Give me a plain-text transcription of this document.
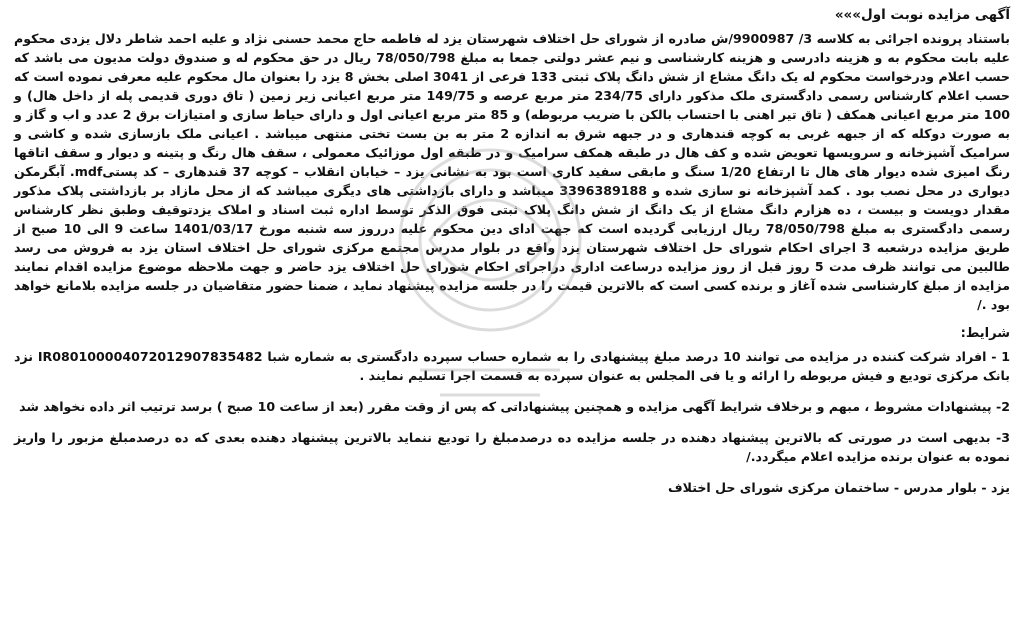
آگهی مزایده نوبت اول»»»

باستناد پرونده اجرائی به کلاسه 3/ 9900987/ش صادره از شورای حل اختلاف شهرستان یزد له فاطمه حاج محمد حسنی نژاد و علیه احمد شاطر دلال یزدی محکوم علیه بابت محکوم به و هزینه دادرسی و هزینه کارشناسی و نیم عشر دولتی جمعا به مبلغ 78/050/798 ریال در حق محکوم له و صندوق دولت مدیون می باشد که حسب اعلام ودرخواست محکوم له یک دانگ مشاع از شش دانگ پلاک ثبتی 133 فرعی از 3041 اصلی بخش 8 یزد را بعنوان مال محکوم علیه معرفی نموده است که حسب اعلام کارشناس رسمی دادگستری ملک مذکور دارای 234/75 متر مربع عرصه و 149/75 متر مربع اعیانی زیر زمین ( تاق دوری قدیمی پله از داخل هال) و 100 متر مربع اعیانی همکف ( تاق تیر اهنی با احتساب بالکن با ضریب مربوطه) و 85 متر مربع اعیانی اول و دارای حیاط سازی و امتیازات برق 2 عدد و اب و گاز و به صورت دوکله که از جبهه غربی به کوچه قندهاری و در جبهه شرق به اندازه 2 متر به بن بست تختی منتهی میباشد . اعیانی ملک بازسازی شده و کاشی و سرامیک آشپزخانه و سرویسها تعویض شده و کف هال در طبقه همکف سرامیک و در طبقه اول موزائیک معمولی ، سقف هال رنگ و پتینه و دیوار و سقف اتاقها رنگ امیزی شده دیوار های هال تا ارتفاع 1/20 سنگ و مابقی سفید کاری است بود به نشانی یزد – خیابان انقلاب – کوچه 37 قندهاری – کد پستیmdf. آبگرمکن دیواری در محل نصب بود . کمد آشپزخانه نو سازی شده و 3396389188 میباشد و دارای بازداشتی های دیگری میباشد که از محل مازاد بر بازداشتی پلاک مذکور مقدار دویست و بیست ، ده هزارم دانگ مشاع از یک دانگ از شش دانگ پلاک ثبتی فوق الذکر توسط اداره ثبت اسناد و املاک یزدتوقیف وطبق نظر کارشناس رسمی دادگستری به مبلغ 78/050/798 ریال ارزیابی گردیده است که جهت ادای دین محکوم علیه درروز سه شنبه مورخ 1401/03/17 ساعت 9 الی 10 صبح از طریق مزایده درشعبه 3 اجرای احکام شورای حل اختلاف شهرستان یزد واقع در بلوار مدرس مجتمع مرکزی شورای حل اختلاف استان یزد به فروش می رسد طالبین می توانند ظرف مدت 5 روز قبل از روز مزایده درساعت اداری دراجرای احکام شورای حل اختلاف یزد حاضر و جهت ملاحظه موضوع مزایده اقدام نمایند مزایده از مبلغ کارشناسی شده آغاز و برنده کسی است که بالاترین قیمت را در جلسه مزایده پیشنهاد نماید ، ضمنا حضور متقاضیان در جلسه مزایده بلامانع خواهد بود ./

شرایط:

1 - افراد شرکت کننده در مزایده می توانند 10 درصد مبلغ پیشنهادی را به شماره حساب سپرده دادگستری به شماره شبا IR080100004072012907835482 نزد بانک مرکزی توديع و فیش مربوطه را ارائه و یا فی المجلس به عنوان سپرده به قسمت اجرا تسلیم نمایند .

2- پیشنهادات مشروط ، مبهم و برخلاف شرایط آگهی مزایده و همچنین پیشنهاداتی که پس از وقت مقرر (بعد از ساعت 10 صبح ) برسد ترتیب اثر داده نخواهد شد

3- بدیهی است در صورتی که بالاترین پیشنهاد دهنده در جلسه مزایده ده درصدمبلغ را تودیع ننماید بالاترین پیشنهاد دهنده بعدی که ده درصدمبلغ مزبور را واریز نموده به عنوان برنده مزایده اعلام میگردد./

یزد - بلوار مدرس - ساختمان مرکزی شورای حل اختلاف
